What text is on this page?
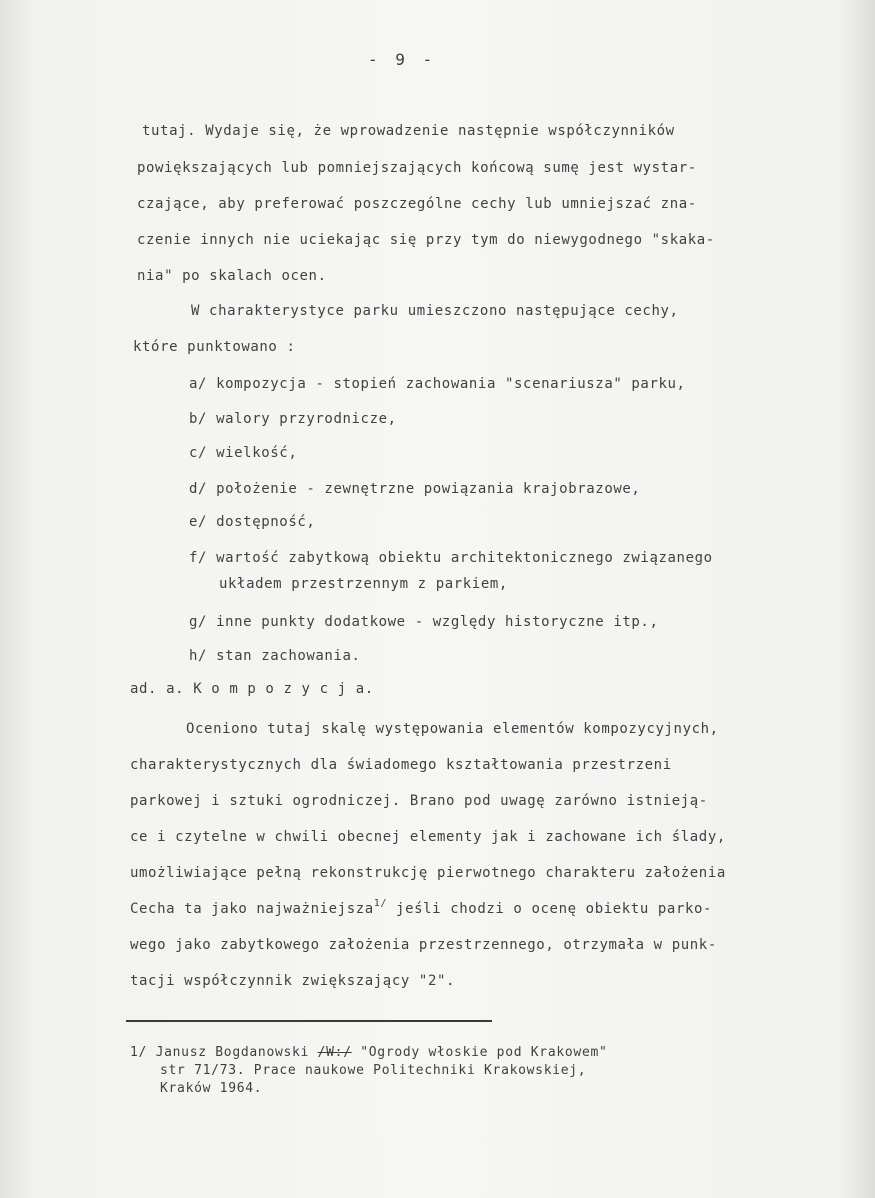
- 9 -
tutaj. Wydaje się, że wprowadzenie następnie współczynników
powiększających lub pomniejszających końcową sumę jest wystar-
czające, aby preferować poszczególne cechy lub umniejszać zna-
czenie innych nie uciekając się przy tym do niewygodnego "skaka-
nia" po skalach ocen.
W charakterystyce parku umieszczono następujące cechy,
które punktowano :
a/ kompozycja - stopień zachowania "scenariusza" parku,
b/ walory przyrodnicze,
c/ wielkość,
d/ położenie - zewnętrzne powiązania krajobrazowe,
e/ dostępność,
f/ wartość zabytkową obiektu architektonicznego związanego
układem przestrzennym z parkiem,
g/ inne punkty dodatkowe - względy historyczne itp.,
h/ stan zachowania.
ad. a. K o m p o z y c j a.
Oceniono tutaj skalę występowania elementów kompozycyjnych,
charakterystycznych dla świadomego kształtowania przestrzeni
parkowej i sztuki ogrodniczej. Brano pod uwagę zarówno istnieją-
ce i czytelne w chwili obecnej elementy jak i zachowane ich ślady,
umożliwiające pełną rekonstrukcję pierwotnego charakteru założenia
Cecha ta jako najważniejsza$^{1/}$ jeśli chodzi o ocenę obiektu parko-
wego jako zabytkowego założenia przestrzennego, otrzymała w punk-
tacji współczynnik zwiększający "2".
1/ Janusz Bogdanowski /W:/ "Ogrody włoskie pod Krakowem"
str 71/73. Prace naukowe Politechniki Krakowskiej,
Kraków 1964.
